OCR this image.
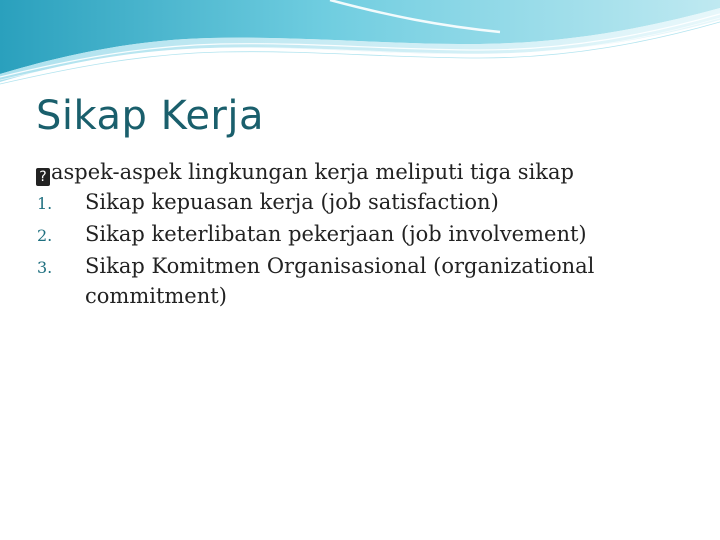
Sikap Kerja
? aspek-aspek lingkungan kerja meliputi tiga sikap
1.	Sikap kepuasan kerja (job satisfaction)
2.	Sikap keterlibatan pekerjaan (job involvement)
3.	Sikap Komitmen Organisasional (organizational commitment)
